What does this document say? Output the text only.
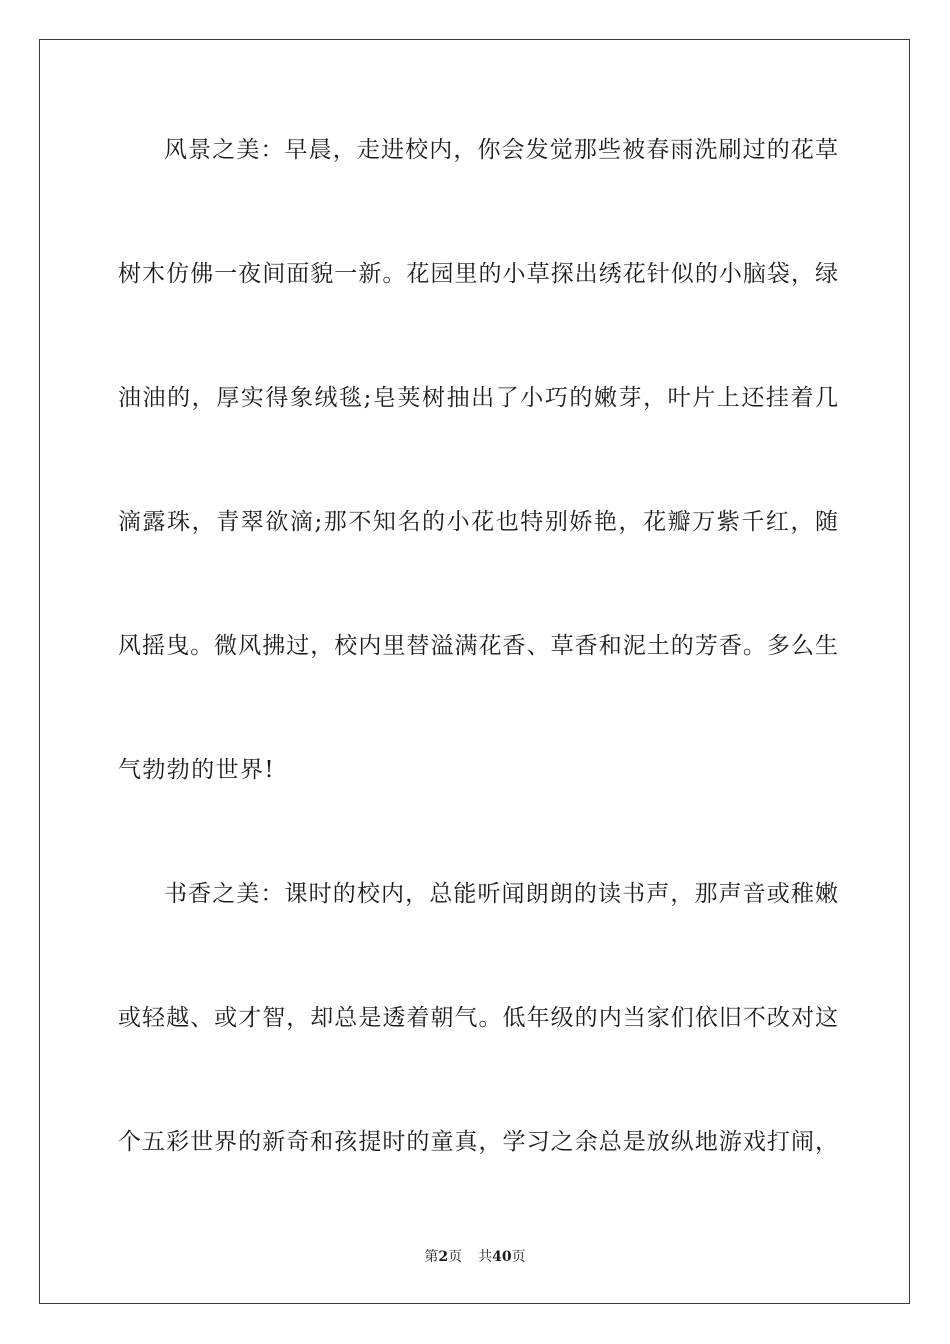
风景之美：早晨，走进校内，你会发觉那些被春雨洗刷过的花草
树木仿佛一夜间面貌一新。花园里的小草探出绣花针似的小脑袋，绿
油油的，厚实得象绒毯;皂荚树抽出了小巧的嫩芽，叶片上还挂着几
滴露珠，青翠欲滴;那不知名的小花也特别娇艳，花瓣万紫千红，随
风摇曳。微风拂过，校内里替溢满花香、草香和泥土的芳香。多么生
气勃勃的世界!
书香之美：课时的校内，总能听闻朗朗的读书声，那声音或稚嫩
或轻越、或才智，却总是透着朝气。低年级的内当家们依旧不改对这
个五彩世界的新奇和孩提时的童真，学习之余总是放纵地游戏打闹，
第2页 共40页
